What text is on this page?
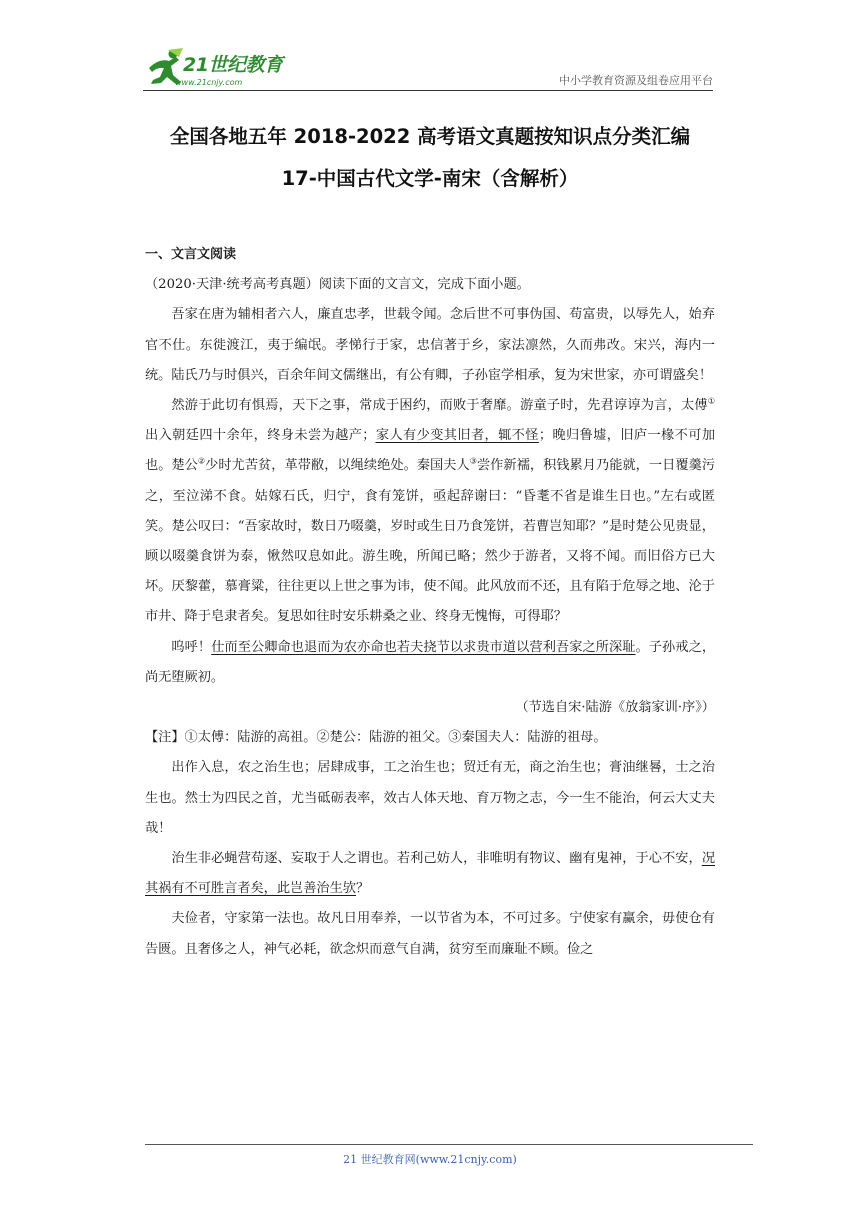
21世纪教育
www.21cnjy.com	中小学教育资源及组卷应用平台
全国各地五年 2018-2022 高考语文真题按知识点分类汇编
17-中国古代文学-南宋（含解析）

一、文言文阅读

（2020·天津·统考高考真题）阅读下面的文言文，完成下面小题。

吾家在唐为辅相者六人，廉直忠孝，世载令闻。念后世不可事伪国、苟富贵，以辱先人，始弃官不仕。东徙渡江，夷于编氓。孝悌行于家，忠信著于乡，家法凛然，久而弗改。宋兴，海内一统。陆氏乃与时俱兴，百余年间文儒继出，有公有卿，子孙宦学相承，复为宋世家，亦可谓盛矣！

然游于此切有惧焉，天下之事，常成于困约，而败于奢靡。游童子时，先君谆谆为言，太傅①出入朝廷四十余年，终身未尝为越产；家人有少变其旧者，辄不怪；晚归鲁墟，旧庐一椽不可加也。楚公②少时尤苦贫，革带敝，以绳续绝处。秦国夫人③尝作新襦，积钱累月乃能就，一日覆羹污之，至泣涕不食。姑嫁石氏，归宁，食有笼饼，亟起辞谢曰：“昏耄不省是谁生日也。”左右或匿笑。楚公叹曰：“吾家故时，数日乃啜羹，岁时或生日乃食笼饼，若曹岂知耶？”是时楚公见贵显，顾以啜羹食饼为泰，愀然叹息如此。游生晚，所闻已略；然少于游者，又将不闻。而旧俗方已大坏。厌黎藿，慕膏粱，往往更以上世之事为讳，使不闻。此风放而不还，且有陷于危辱之地、沦于市井、降于皂隶者矣。复思如往时安乐耕桑之业、终身无愧悔，可得耶？

呜呼！仕而至公卿命也退而为农亦命也若夫挠节以求贵市道以营利吾家之所深耻。子孙戒之，尚无堕厥初。

（节选自宋·陆游《放翁家训·序》）

【注】①太傅：陆游的高祖。②楚公：陆游的祖父。③秦国夫人：陆游的祖母。

出作入息，农之治生也；居肆成事，工之治生也；贸迁有无，商之治生也；膏油继晷，士之治生也。然士为四民之首，尤当砥砺表率，效古人体天地、育万物之志，今一生不能治，何云大丈夫哉！

治生非必蝇营苟逐、妄取于人之谓也。若利己妨人，非唯明有物议、幽有鬼神，于心不安，况其祸有不可胜言者矣，此岂善治生欤？

夫俭者，守家第一法也。故凡日用奉养，一以节省为本，不可过多。宁使家有赢余，毋使仓有告匮。且奢侈之人，神气必耗，欲念炽而意气自满，贫穷至而廉耻不顾。俭之

21 世纪教育网(www.21cnjy.com)
